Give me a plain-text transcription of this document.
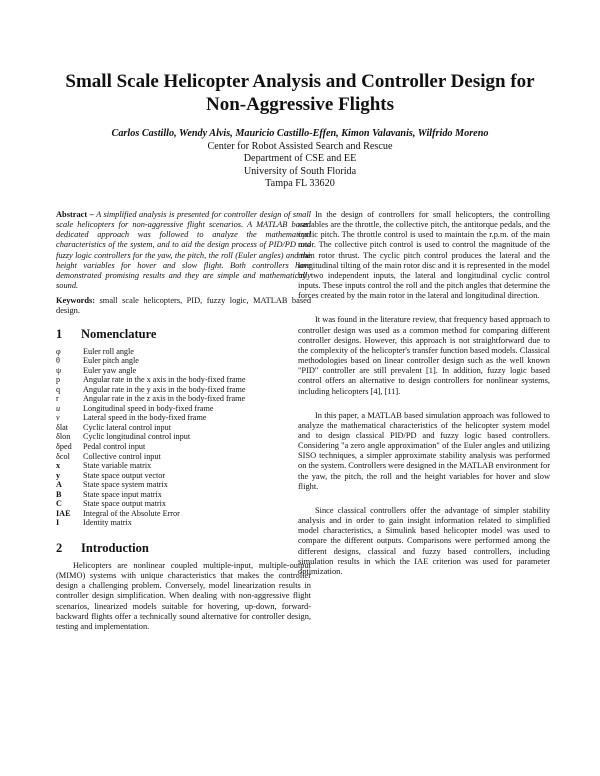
Small Scale Helicopter Analysis and Controller Design for
Non-Aggressive Flights
Carlos Castillo, Wendy Alvis, Mauricio Castillo-Effen, Kimon Valavanis, Wilfrido Moreno
Center for Robot Assisted Search and Rescue
Department of CSE and EE
University of South Florida
Tampa FL 33620
Abstract – A simplified analysis is presented for controller design of small scale helicopters for non-aggressive flight scenarios. A MATLAB based dedicated approach was followed to analyze the mathematical characteristics of the system, and to aid the design process of PID/PD and fuzzy logic controllers for the yaw, the pitch, the roll (Euler angles) and the height variables for hover and slow flight. Both controllers have demonstrated promising results and they are simple and mathematically sound.
Keywords: small scale helicopters, PID, fuzzy logic, MATLAB based design.
1 Nomenclature
φ	Euler roll angle
θ	Euler pitch angle
ψ	Euler yaw angle
p	Angular rate in the x axis in the body-fixed frame
q	Angular rate in the y axis in the body-fixed frame
r	Angular rate in the z axis in the body-fixed frame
u	Longitudinal speed in body-fixed frame
v	Lateral speed in the body-fixed frame
δlat	Cyclic lateral control input
δlon	Cyclic longitudinal control input
δped	Pedal control input
δcol	Collective control input
x	State variable matrix
y	State space output vector
A	State space system matrix
B	State space input matrix
C	State space output matrix
IAE	Integral of the Absolute Error
I	Identity matrix
2 Introduction

Helicopters are nonlinear coupled multiple-input, multiple-output (MIMO) systems with unique characteristics that makes the controller design a challenging problem. Conversely, model linearization results in controller design simplification. When dealing with non-aggressive flight scenarios, linearized models suitable for hovering, up-down, forward-backward flights offer a technically sound alternative for controller design, testing and implementation.

In the design of controllers for small helicopters, the controlling variables are the throttle, the collective pitch, the antitorque pedals, and the cyclic pitch. The throttle control is used to maintain the r.p.m. of the main rotor. The collective pitch control is used to control the magnitude of the main rotor thrust. The cyclic pitch control produces the lateral and the longitudinal tilting of the main rotor disc and it is represented in the model by two independent inputs, the lateral and longitudinal cyclic control inputs. These inputs control the roll and the pitch angles that determine the forces created by the main rotor in the lateral and longitudinal direction.

It was found in the literature review, that frequency based approach to controller design was used as a common method for comparing different controller designs. However, this approach is not straightforward due to the complexity of the helicopter's transfer function based models. Classical methodologies based on linear controller design such as the well known "PID" controller are still prevalent [1]. In addition, fuzzy logic based control offers an alternative to design controllers for nonlinear systems, including helicopters [4], [11].

In this paper, a MATLAB based simulation approach was followed to analyze the mathematical characteristics of the helicopter system model and to design classical PID/PD and fuzzy logic based controllers. Considering "a zero angle approximation" of the Euler angles and utilizing SISO techniques, a simpler approximate stability analysis was performed on the system. Controllers were designed in the MATLAB environment for the yaw, the pitch, the roll and the height variables for hover and slow flight.

Since classical controllers offer the advantage of simpler stability analysis and in order to gain insight information related to simplified model characteristics, a Simulink based helicopter model was used to compare the different outputs. Comparisons were performed among the different designs, classical and fuzzy based controllers, including simulation results in which the IAE criterion was used for parameter optimization.
